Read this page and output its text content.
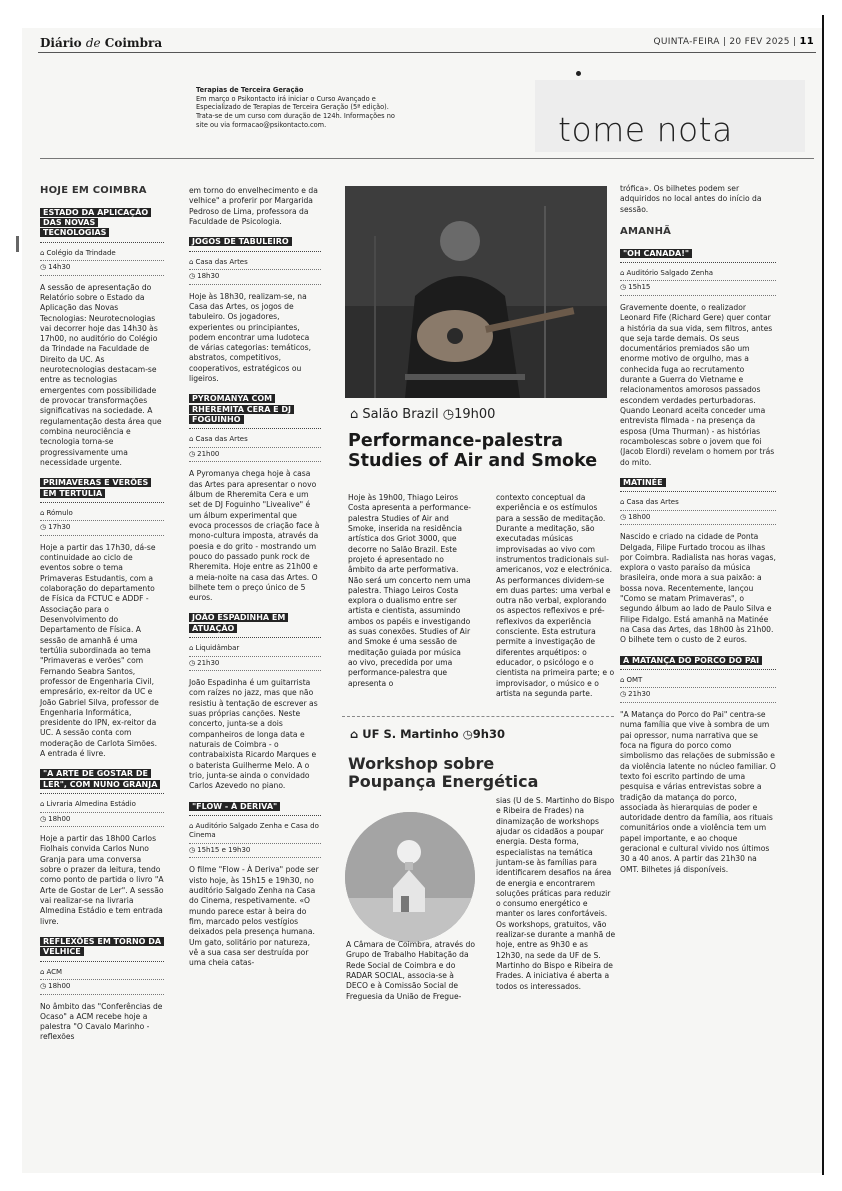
Diário de Coimbra	QUINTA-FEIRA | 20 FEV 2025 | 11
Terapias de Terceira Geração
Em março o Psikontacto irá iniciar o Curso Avançado e Especializado de Terapias de Terceira Geração (5ª edição). Trata-se de um curso com duração de 124h. Informações no site ou via formacao@psikontacto.com.	tome nota
HOJE EM COIMBRA
ESTADO DA APLICAÇÃO DAS NOVAS TECNOLOGIAS
⌂ Colégio da Trindade
◷ 14h30
A sessão de apresentação do Relatório sobre o Estado da Aplicação das Novas Tecnologias: Neurotecnologias vai decorrer hoje das 14h30 às 17h00, no auditório do Colégio da Trindade na Faculdade de Direito da UC. As neurotecnologias destacam-se entre as tecnologias emergentes com possibilidade de provocar transformações significativas na sociedade. A regulamentação desta área que combina neurociência e tecnologia torna-se progressivamente uma necessidade urgente.
PRIMAVERAS E VERÕES EM TERTÚLIA
⌂ Rómulo
◷ 17h30
Hoje a partir das 17h30, dá-se continuidade ao ciclo de eventos sobre o tema Primaveras Estudantis, com a colaboração do departamento de Física da FCTUC e ADDF - Associação para o Desenvolvimento do Departamento de Física. A sessão de amanhã é uma tertúlia subordinada ao tema "Primaveras e verões" com Fernando Seabra Santos, professor de Engenharia Civil, empresário, ex-reitor da UC e João Gabriel Silva, professor de Engenharia Informática, presidente do IPN, ex-reitor da UC. A sessão conta com moderação de Carlota Simões. A entrada é livre.
"A ARTE DE GOSTAR DE LER", COM NUNO GRANJA
⌂ Livraria Almedina Estádio
◷ 18h00
Hoje a partir das 18h00 Carlos Fiolhais convida Carlos Nuno Granja para uma conversa sobre o prazer da leitura, tendo como ponto de partida o livro "A Arte de Gostar de Ler". A sessão vai realizar-se na livraria Almedina Estádio e tem entrada livre.
REFLEXÕES EM TORNO DA VELHICE
⌂ ACM
◷ 18h00
No âmbito das "Conferências de Ocaso" a ACM recebe hoje a palestra "O Cavalo Marinho - reflexões
em torno do envelhecimento e da velhice" a proferir por Margarida Pedroso de Lima, professora da Faculdade de Psicologia.
JOGOS DE TABULEIRO
⌂ Casa das Artes
◷ 18h30
Hoje às 18h30, realizam-se, na Casa das Artes, os jogos de tabuleiro. Os jogadores, experientes ou principiantes, podem encontrar uma ludoteca de várias categorias: temáticos, abstratos, competitivos, cooperativos, estratégicos ou ligeiros.
PYROMANYA COM RHEREMITA CERA E DJ FOGUINHO
⌂ Casa das Artes
◷ 21h00
A Pyromanya chega hoje à casa das Artes para apresentar o novo álbum de Rheremita Cera e um set de DJ Foguinho "Livealive" é um álbum experimental que evoca processos de criação face à mono-cultura imposta, através da poesia e do grito - mostrando um pouco do passado punk rock de Rheremita. Hoje entre as 21h00 e a meia-noite na casa das Artes. O bilhete tem o preço único de 5 euros.
JOÃO ESPADINHA EM ATUAÇÃO
⌂ Liquidâmbar
◷ 21h30
João Espadinha é um guitarrista com raízes no jazz, mas que não resistiu à tentação de escrever as suas próprias canções. Neste concerto, junta-se a dois companheiros de longa data e naturais de Coimbra - o contrabaixista Ricardo Marques e o baterista Guilherme Melo. A o trio, junta-se ainda o convidado Carlos Azevedo no piano.
"FLOW - À DERIVA"
⌂ Auditório Salgado Zenha e Casa do Cinema
◷ 15h15 e 19h30
O filme "Flow - À Deriva" pode ser visto hoje, às 15h15 e 19h30, no auditório Salgado Zenha na Casa do Cinema, respetivamente. «O mundo parece estar à beira do fim, marcado pelos vestígios deixados pela presença humana. Um gato, solitário por natureza, vê a sua casa ser destruída por uma cheia catas-
⌂ Salão Brazil ◷19h00
Performance-palestra Studies of Air and Smoke
Hoje às 19h00, Thiago Leiros Costa apresenta a performance-palestra Studies of Air and Smoke, inserida na residência artística dos Griot 3000, que decorre no Salão Brazil. Este projeto é apresentado no âmbito da arte performativa. Não será um concerto nem uma palestra. Thiago Leiros Costa explora o dualismo entre ser artista e cientista, assumindo ambos os papéis e investigando as suas conexões. Studies of Air and Smoke é uma sessão de meditação guiada por música ao vivo, precedida por uma performance-palestra que apresenta o
contexto conceptual da experiência e os estímulos para a sessão de meditação. Durante a meditação, são executadas músicas improvisadas ao vivo com instrumentos tradicionais sul-americanos, voz e electrónica. As performances dividem-se em duas partes: uma verbal e outra não verbal, explorando os aspectos reflexivos e pré-reflexivos da experiência consciente. Esta estrutura permite a investigação de diferentes arquétipos: o educador, o psicólogo e o cientista na primeira parte; e o improvisador, o músico e o artista na segunda parte.
⌂ UF S. Martinho ◷9h30
Workshop sobre Poupança Energética
A Câmara de Coimbra, através do Grupo de Trabalho Habitação da Rede Social de Coimbra e do RADAR SOCIAL, associa-se à DECO e à Comissão Social de Freguesia da União de Fregue-
sias (U de S. Martinho do Bispo e Ribeira de Frades) na dinamização de workshops ajudar os cidadãos a poupar energia. Desta forma, especialistas na temática juntam-se às famílias para identificarem desafios na área de energia e encontrarem soluções práticas para reduzir o consumo energético e manter os lares confortáveis. Os workshops, gratuitos, vão realizar-se durante a manhã de hoje, entre as 9h30 e as 12h30, na sede da UF de S. Martinho do Bispo e Ribeira de Frades. A iniciativa é aberta a todos os interessados.
trófica». Os bilhetes podem ser adquiridos no local antes do início da sessão.
AMANHÃ
"OH CANADA!"
⌂ Auditório Salgado Zenha
◷ 15h15
Gravemente doente, o realizador Leonard Fife (Richard Gere) quer contar a história da sua vida, sem filtros, antes que seja tarde demais. Os seus documentários premiados são um enorme motivo de orgulho, mas a conhecida fuga ao recrutamento durante a Guerra do Vietname e relacionamentos amorosos passados escondem verdades perturbadoras. Quando Leonard aceita conceder uma entrevista filmada - na presença da esposa (Uma Thurman) - as histórias rocambolescas sobre o jovem que foi (Jacob Elordi) revelam o homem por trás do mito.
MATINÉE
⌂ Casa das Artes
◷ 18h00
Nascido e criado na cidade de Ponta Delgada, Filipe Furtado trocou as ilhas por Coimbra. Radialista nas horas vagas, explora o vasto paraíso da música brasileira, onde mora a sua paixão: a bossa nova. Recentemente, lançou "Como se matam Primaveras", o segundo álbum ao lado de Paulo Silva e Filipe Fidalgo. Está amanhã na Matinée na Casa das Artes, das 18h00 às 21h00. O bilhete tem o custo de 2 euros.
A MATANÇA DO PORCO DO PAI
⌂ OMT
◷ 21h30
"A Matança do Porco do Pai" centra-se numa família que vive à sombra de um pai opressor, numa narrativa que se foca na figura do porco como simbolismo das relações de submissão e da violência latente no núcleo familiar. O texto foi escrito partindo de uma pesquisa e várias entrevistas sobre a tradição da matança do porco, associada às hierarquias de poder e autoridade dentro da família, aos rituais comunitários onde a violência tem um papel importante, e ao choque geracional e cultural vivido nos últimos 30 a 40 anos. A partir das 21h30 na OMT. Bilhetes já disponíveis.
